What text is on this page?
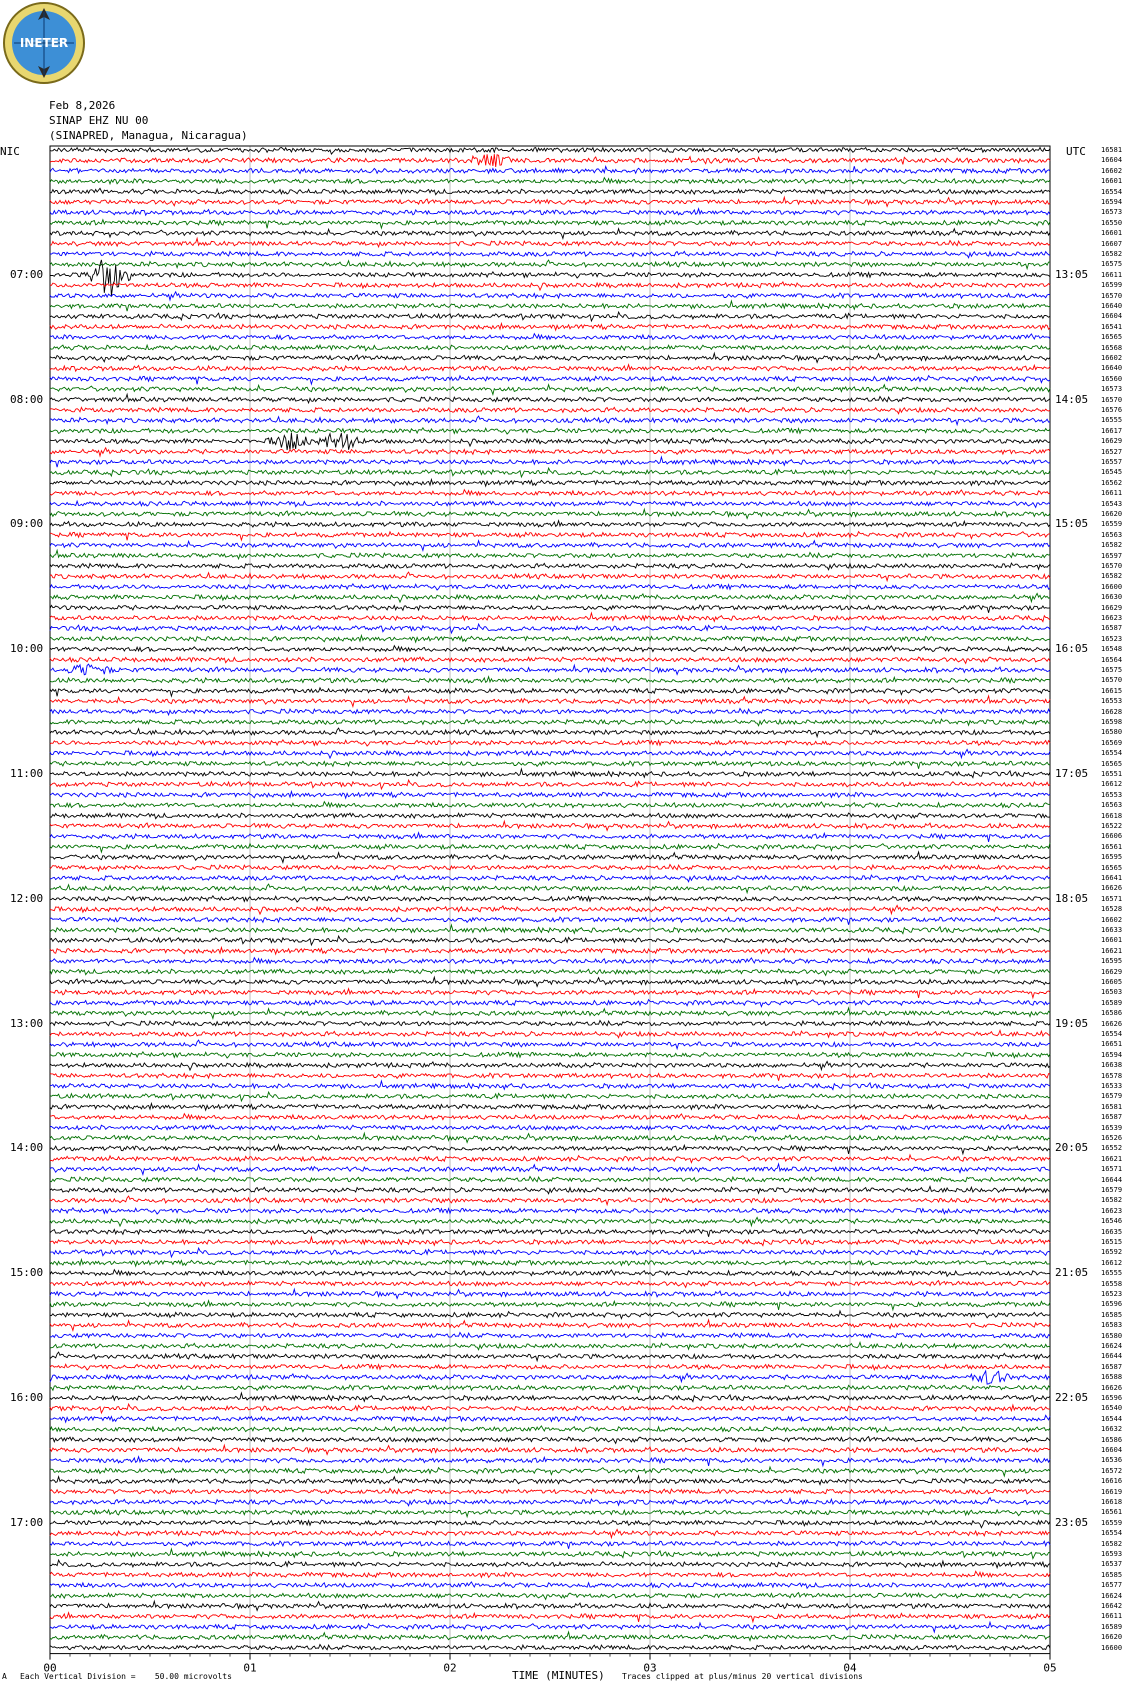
INETER
Feb 8,2026
SINAP EHZ NU 00
(SINAPRED, Managua, Nicaragua)
NIC	UTC
00	01	02	03	04	05
07:00
08:00
09:00
10:00
11:00
12:00
13:00
14:00
15:00
16:00
17:00
13:05
14:05
15:05
16:05
17:05
18:05
19:05
20:05
21:05
22:05
23:05
16581
16604
16602
16601
16554
16594
16573
16550
16601
16607
16582
16575
16611
16599
16570
16640
16604
16541
16565
16568
16602
16640
16560
16573
16570
16576
16555
16617
16629
16527
16557
16545
16562
16611
16543
16620
16559
16563
16582
16597
16570
16582
16600
16630
16629
16623
16587
16523
16548
16564
16575
16570
16615
16553
16628
16598
16580
16569
16554
16565
16551
16612
16553
16563
16618
16522
16606
16561
16595
16565
16641
16626
16571
16528
16602
16633
16601
16621
16595
16629
16605
16503
16589
16586
16626
16554
16651
16594
16638
16578
16533
16579
16581
16587
16539
16526
16552
16621
16571
16644
16579
16582
16623
16546
16635
16515
16592
16612
16555
16558
16523
16596
16585
16583
16580
16624
16644
16587
16588
16626
16596
16540
16544
16632
16586
16604
16536
16572
16616
16619
16618
16561
16559
16554
16582
16593
16537
16585
16577
16624
16642
16611
16589
16620
16600
A Each Vertical Division =    50.00 microvolts	TIME (MINUTES) Traces clipped at plus/minus 20 vertical divisions
